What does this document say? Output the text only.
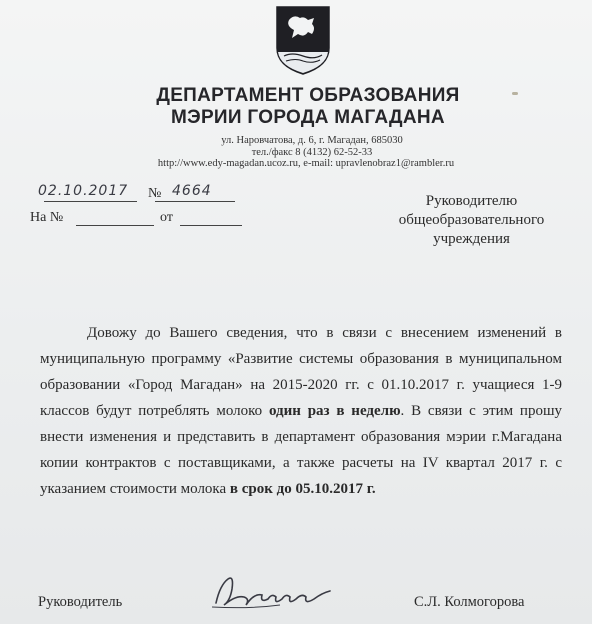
ДЕПАРТАМЕНТ ОБРАЗОВАНИЯ
МЭРИИ ГОРОДА МАГАДАНА
ул. Наровчатова, д. 6, г. Магадан, 685030
тел./факс 8 (4132) 62-52-33
http://www.edy-magadan.ucoz.ru, e-mail: upravlenobraz1@rambler.ru
02.10.2017 № 4664
На №	от
Руководителю
общеобразовательного
учреждения

Довожу до Вашего сведения, что в связи с внесением изменений в муниципальную программу «Развитие системы образования в муниципальном образовании «Город Магадан» на 2015-2020 гг. с 01.10.2017 г. учащиеся 1-9 классов будут потреблять молоко один раз в неделю. В связи с этим прошу внести изменения и представить в департамент образования мэрии г.Магадана копии контрактов с поставщиками, а также расчеты на IV квартал 2017 г. с указанием стоимости молока в срок до 05.10.2017 г.

Руководитель	С.Л. Колмогорова
